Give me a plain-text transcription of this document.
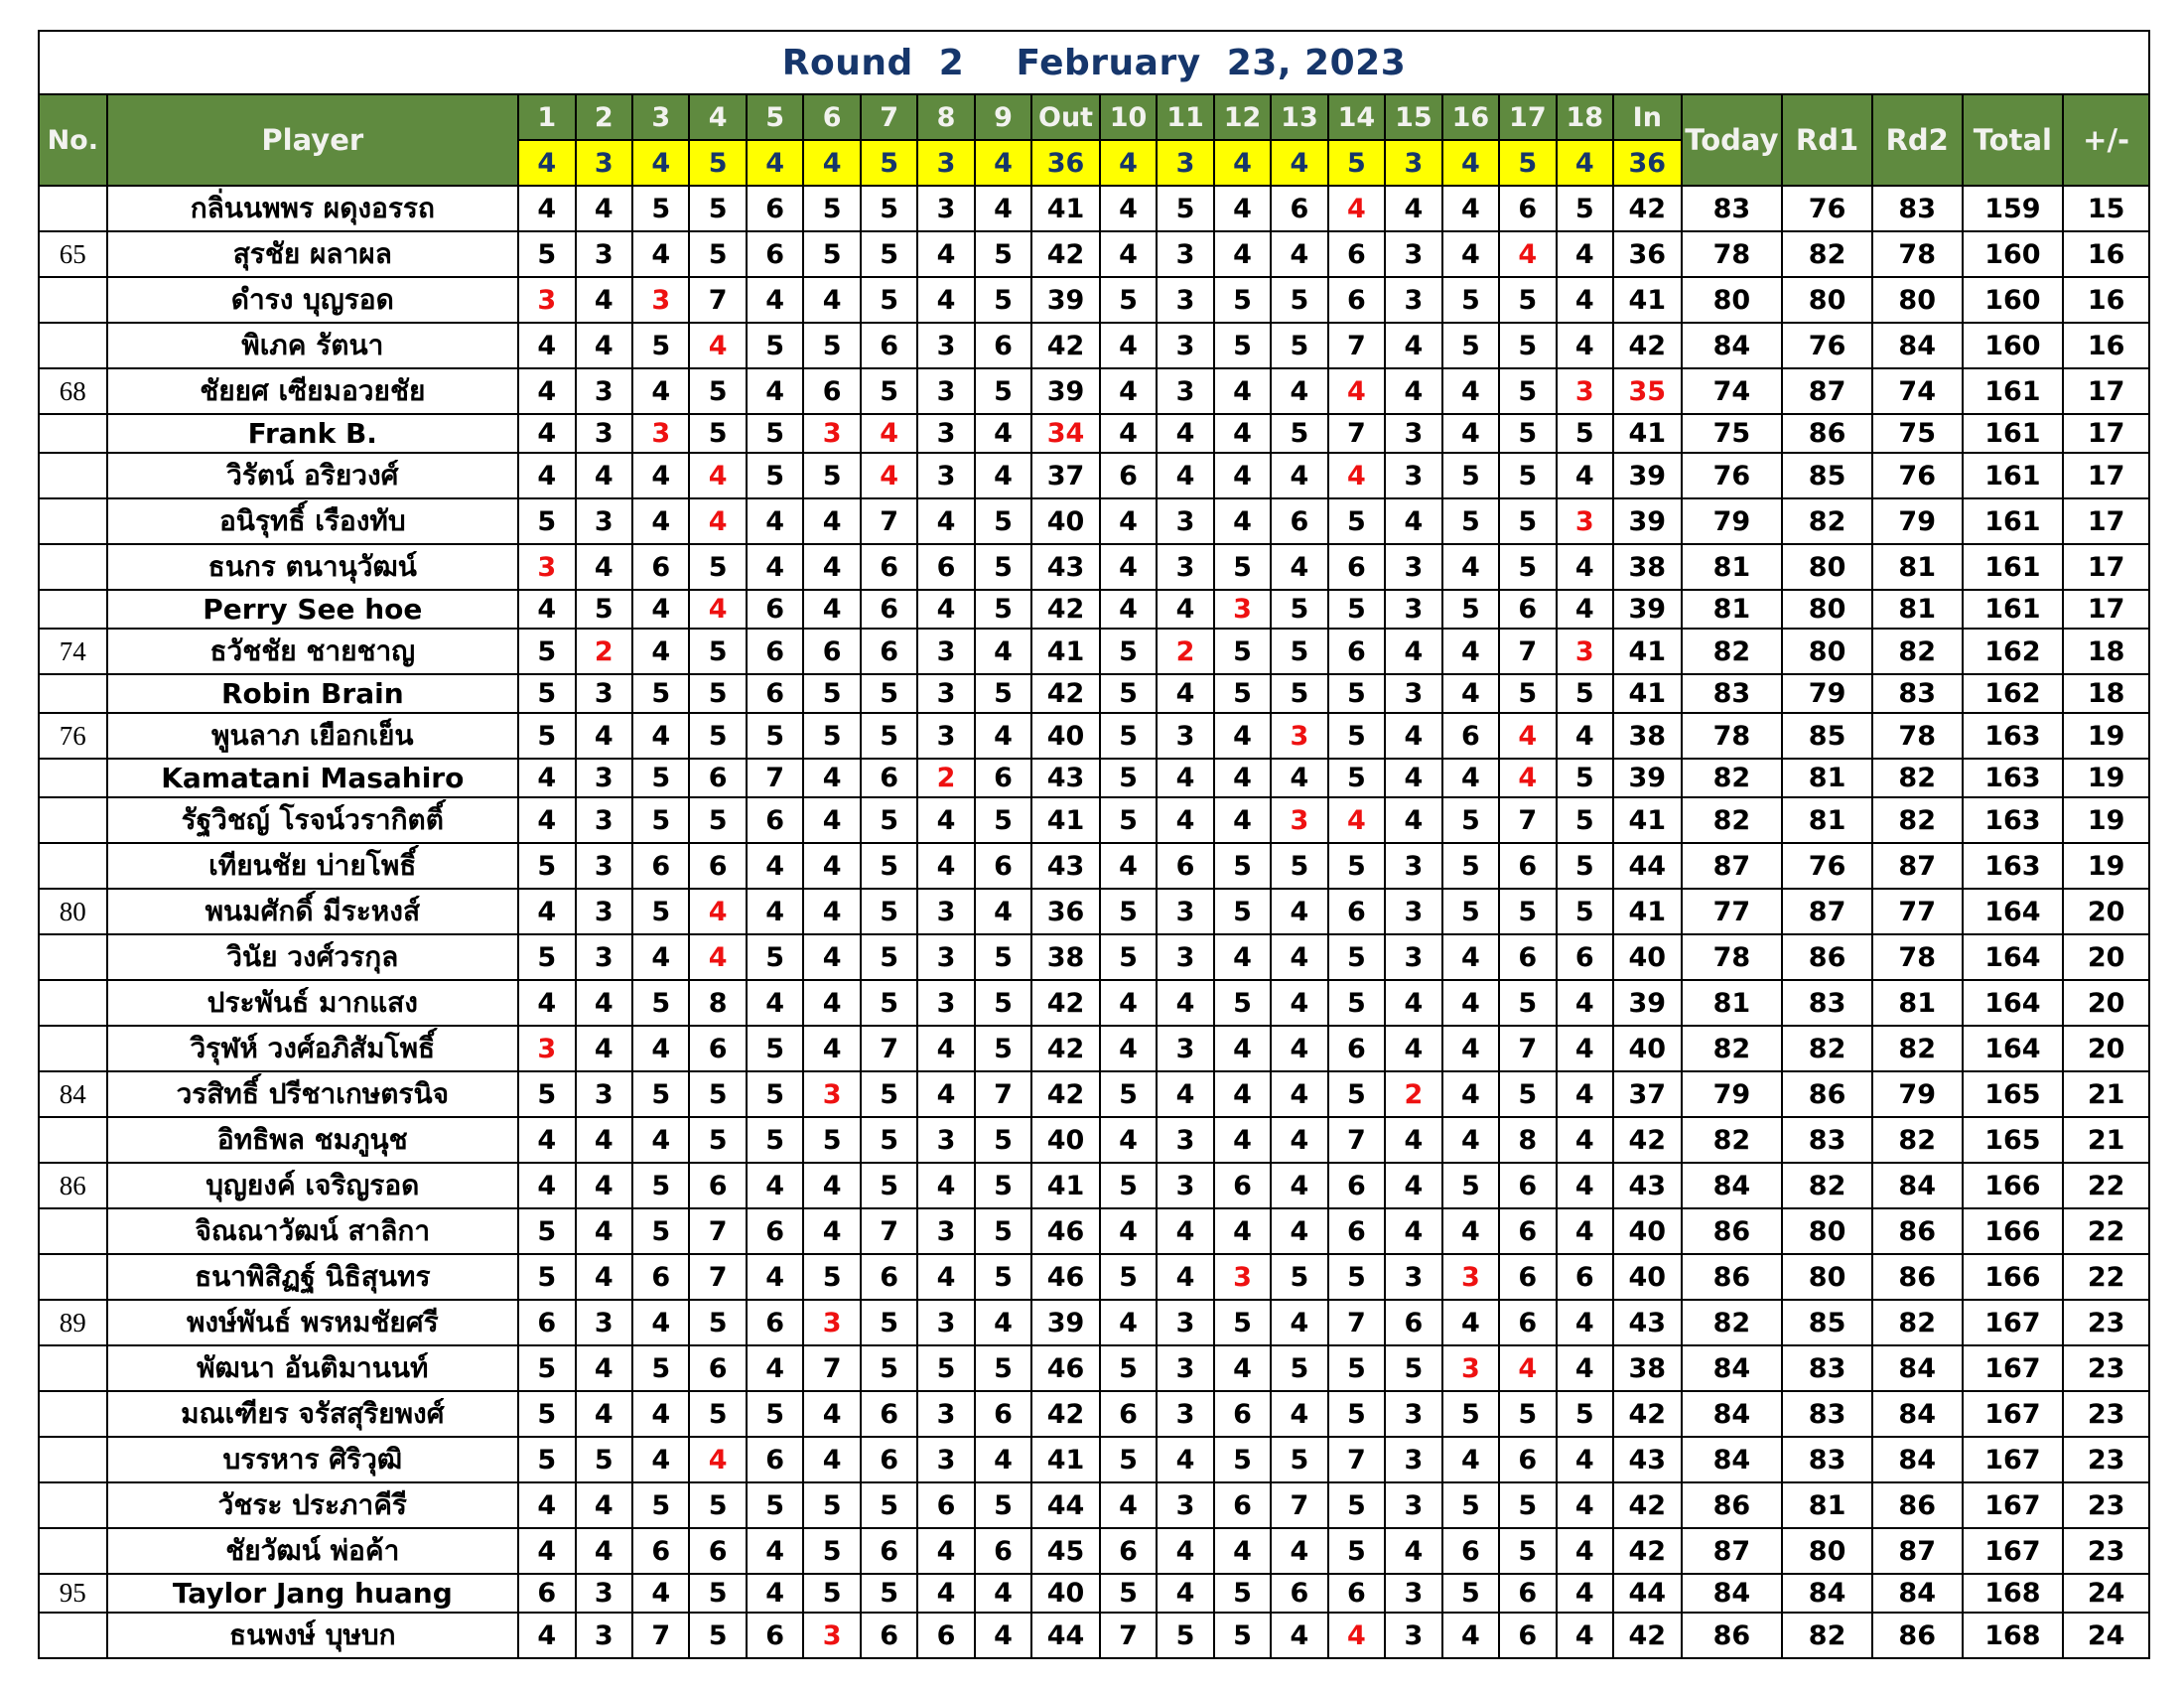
Round  2    February  23, 2023																										
No.	Player	1	2	3	4	5	6	7	8	9	Out	10	11	12	13	14	15	16	17	18	In	Today	Rd1	Rd2	Total	+/-
		4	3	4	5	4	4	5	3	4	36	4	3	4	4	5	3	4	5	4	36					
	กลิ่นนพพร ผดุงอรรถ	4	4	5	5	6	5	5	3	4	41	4	5	4	6	4	4	4	6	5	42	83	76	83	159	15
65	สุรชัย ผลาผล	5	3	4	5	6	5	5	4	5	42	4	3	4	4	6	3	4	4	4	36	78	82	78	160	16
	ดำรง บุญรอด	3	4	3	7	4	4	5	4	5	39	5	3	5	5	6	3	5	5	4	41	80	80	80	160	16
	พิเภค รัตนา	4	4	5	4	5	5	6	3	6	42	4	3	5	5	7	4	5	5	4	42	84	76	84	160	16
68	ชัยยศ เซียมอวยชัย	4	3	4	5	4	6	5	3	5	39	4	3	4	4	4	4	4	5	3	35	74	87	74	161	17
	Frank B.	4	3	3	5	5	3	4	3	4	34	4	4	4	5	7	3	4	5	5	41	75	86	75	161	17
	วิรัตน์ อริยวงศ์	4	4	4	4	5	5	4	3	4	37	6	4	4	4	4	3	5	5	4	39	76	85	76	161	17
	อนิรุทธิ์ เรืองทับ	5	3	4	4	4	4	7	4	5	40	4	3	4	6	5	4	5	5	3	39	79	82	79	161	17
	ธนกร ตนานุวัฒน์	3	4	6	5	4	4	6	6	5	43	4	3	5	4	6	3	4	5	4	38	81	80	81	161	17
	Perry See hoe	4	5	4	4	6	4	6	4	5	42	4	4	3	5	5	3	5	6	4	39	81	80	81	161	17
74	ธวัชชัย ชายชาญ	5	2	4	5	6	6	6	3	4	41	5	2	5	5	6	4	4	7	3	41	82	80	82	162	18
	Robin Brain	5	3	5	5	6	5	5	3	5	42	5	4	5	5	5	3	4	5	5	41	83	79	83	162	18
76	พูนลาภ เยือกเย็น	5	4	4	5	5	5	5	3	4	40	5	3	4	3	5	4	6	4	4	38	78	85	78	163	19
	Kamatani Masahiro	4	3	5	6	7	4	6	2	6	43	5	4	4	4	5	4	4	4	5	39	82	81	82	163	19
	รัฐวิชญ์ โรจน์วรากิตติ์	4	3	5	5	6	4	5	4	5	41	5	4	4	3	4	4	5	7	5	41	82	81	82	163	19
	เทียนชัย บ่ายโพธิ์	5	3	6	6	4	4	5	4	6	43	4	6	5	5	5	3	5	6	5	44	87	76	87	163	19
80	พนมศักดิ์ มีระหงส์	4	3	5	4	4	4	5	3	4	36	5	3	5	4	6	3	5	5	5	41	77	87	77	164	20
	วินัย วงศ์วรกุล	5	3	4	4	5	4	5	3	5	38	5	3	4	4	5	3	4	6	6	40	78	86	78	164	20
	ประพันธ์ มากแสง	4	4	5	8	4	4	5	3	5	42	4	4	5	4	5	4	4	5	4	39	81	83	81	164	20
	วิรุฬห์ วงศ์อภิสัมโพธิ์	3	4	4	6	5	4	7	4	5	42	4	3	4	4	6	4	4	7	4	40	82	82	82	164	20
84	วรสิทธิ์ ปรีชาเกษตรนิจ	5	3	5	5	5	3	5	4	7	42	5	4	4	4	5	2	4	5	4	37	79	86	79	165	21
	อิทธิพล ชมภูนุช	4	4	4	5	5	5	5	3	5	40	4	3	4	4	7	4	4	8	4	42	82	83	82	165	21
86	บุญยงค์ เจริญรอด	4	4	5	6	4	4	5	4	5	41	5	3	6	4	6	4	5	6	4	43	84	82	84	166	22
	จิณณาวัฒน์ สาลิกา	5	4	5	7	6	4	7	3	5	46	4	4	4	4	6	4	4	6	4	40	86	80	86	166	22
	ธนาพิสิฏฐ์ นิธิสุนทร	5	4	6	7	4	5	6	4	5	46	5	4	3	5	5	3	3	6	6	40	86	80	86	166	22
89	พงษ์พันธ์ พรหมชัยศรี	6	3	4	5	6	3	5	3	4	39	4	3	5	4	7	6	4	6	4	43	82	85	82	167	23
	พัฒนา อันติมานนท์	5	4	5	6	4	7	5	5	5	46	5	3	4	5	5	5	3	4	4	38	84	83	84	167	23
	มณเฑียร จรัสสุริยพงศ์	5	4	4	5	5	4	6	3	6	42	6	3	6	4	5	3	5	5	5	42	84	83	84	167	23
	บรรหาร ศิริวุฒิ	5	5	4	4	6	4	6	3	4	41	5	4	5	5	7	3	4	6	4	43	84	83	84	167	23
	วัชระ ประภาคีรี	4	4	5	5	5	5	5	6	5	44	4	3	6	7	5	3	5	5	4	42	86	81	86	167	23
	ชัยวัฒน์ พ่อค้า	4	4	6	6	4	5	6	4	6	45	6	4	4	4	5	4	6	5	4	42	87	80	87	167	23
95	Taylor Jang huang	6	3	4	5	4	5	5	4	4	40	5	4	5	6	6	3	5	6	4	44	84	84	84	168	24
	ธนพงษ์ บุษบก	4	3	7	5	6	3	6	6	4	44	7	5	5	4	4	3	4	6	4	42	86	82	86	168	24
